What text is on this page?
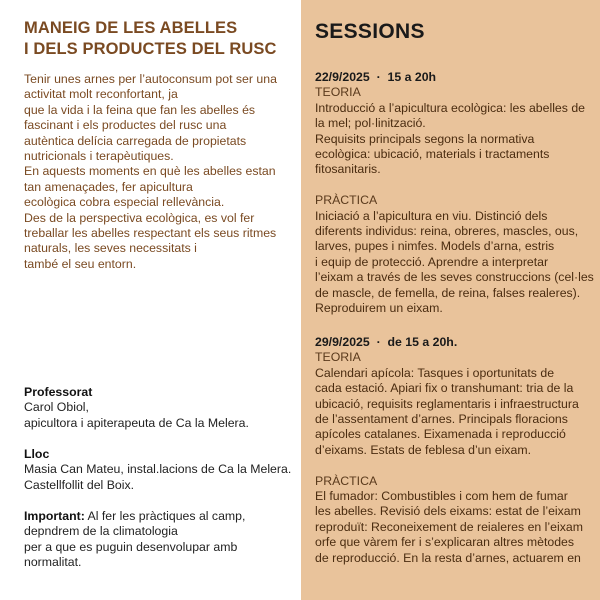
MANEIG DE LES ABELLES
I DELS PRODUCTES DEL RUSC
Tenir unes arnes per l’autoconsum pot ser una
activitat molt reconfortant, ja
que la vida i la feina que fan les abelles és
fascinant i els productes del rusc una
autèntica delícia carregada de propietats
nutricionals i terapèutiques.
En aquests moments en què les abelles estan
tan amenaçades, fer apicultura
ecològica cobra especial rellevància.
Des de la perspectiva ecològica, es vol fer
treballar les abelles respectant els seus ritmes
naturals, les seves necessitats i
també el seu entorn.
Professorat
Carol Obiol,
apicultora i apiterapeuta de Ca la Melera.
Lloc
Masia Can Mateu, instal.lacions de Ca la Melera.
Castellfollit del Boix.
Important: Al fer les pràctiques al camp,
depndrem de la climatologia
per a que es puguin desenvolupar amb
normalitat.
SESSIONS
22/9/2025 · 15 a 20h
TEORIA
Introducció a l’apicultura ecològica: les abelles de
la mel; pol·linització.
Requisits principals segons la normativa
ecològica: ubicació, materials i tractaments
fitosanitaris.
PRÀCTICA
Iniciació a l’apicultura en viu. Distinció dels
diferents individus: reina, obreres, mascles, ous,
larves, pupes i nimfes. Models d’arna, estris
i equip de protecció. Aprendre a interpretar
l’eixam a través de les seves construccions (cel·les
de mascle, de femella, de reina, falses realeres).
Reproduirem un eixam.
29/9/2025 · de 15 a 20h.
TEORIA
Calendari apícola: Tasques i oportunitats de
cada estació. Apiari fix o transhumant: tria de la
ubicació, requisits reglamentaris i infraestructura
de l’assentament d’arnes. Principals floracions
apícoles catalanes. Eixamenada i reproducció
d’eixams. Estats de feblesa d’un eixam.
PRÀCTICA
El fumador: Combustibles i com hem de fumar
les abelles. Revisió dels eixams: estat de l’eixam
reproduït: Reconeixement de reialeres en l’eixam
orfe que vàrem fer i s’explicaran altres mètodes
de reproducció. En la resta d’arnes, actuarem en
